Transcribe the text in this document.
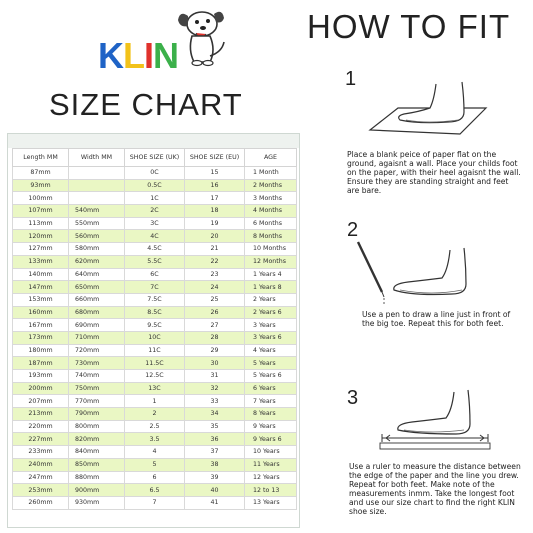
KLIN
SIZE CHART
HOW TO FIT
Length MM	Width MM	SHOE SIZE (UK)	SHOE SIZE (EU)	AGE
87mm		0C	15	1 Month
93mm		0.5C	16	2 Months
100mm		1C	17	3 Months
107mm	540mm	2C	18	4 Months
113mm	550mm	3C	19	6 Months
120mm	560mm	4C	20	8 Months
127mm	580mm	4.5C	21	10 Months
133mm	620mm	5.5C	22	12 Months
140mm	640mm	6C	23	1 Years 4
147mm	650mm	7C	24	1 Years 8
153mm	660mm	7.5C	25	2 Years
160mm	680mm	8.5C	26	2 Years 6
167mm	690mm	9.5C	27	3 Years
173mm	710mm	10C	28	3 Years 6
180mm	720mm	11C	29	4 Years
187mm	730mm	11.5C	30	5 Years
193mm	740mm	12.5C	31	5 Years 6
200mm	750mm	13C	32	6 Years
207mm	770mm	1	33	7 Years
213mm	790mm	2	34	8 Years
220mm	800mm	2.5	35	9 Years
227mm	820mm	3.5	36	9 Years 6
233mm	840mm	4	37	10 Years
240mm	850mm	5	38	11 Years
247mm	880mm	6	39	12 Years
253mm	900mm	6.5	40	12 to 13
260mm	930mm	7	41	13 Years
1
Place a blank peice of paper flat on the ground, agaisnt a wall. Place your childs foot on the paper, with their heel agaisnt the wall. Ensure they are standing straight and feet are bare.
2
Use a pen to draw a line just in front of the big toe. Repeat this for both feet.
3
Use a ruler to measure the distance between the edge of the paper and the line you drew. Repeat for both feet. Make note of the measurements inmm. Take the longest foot and use our size chart to find the right KLIN shoe size.
